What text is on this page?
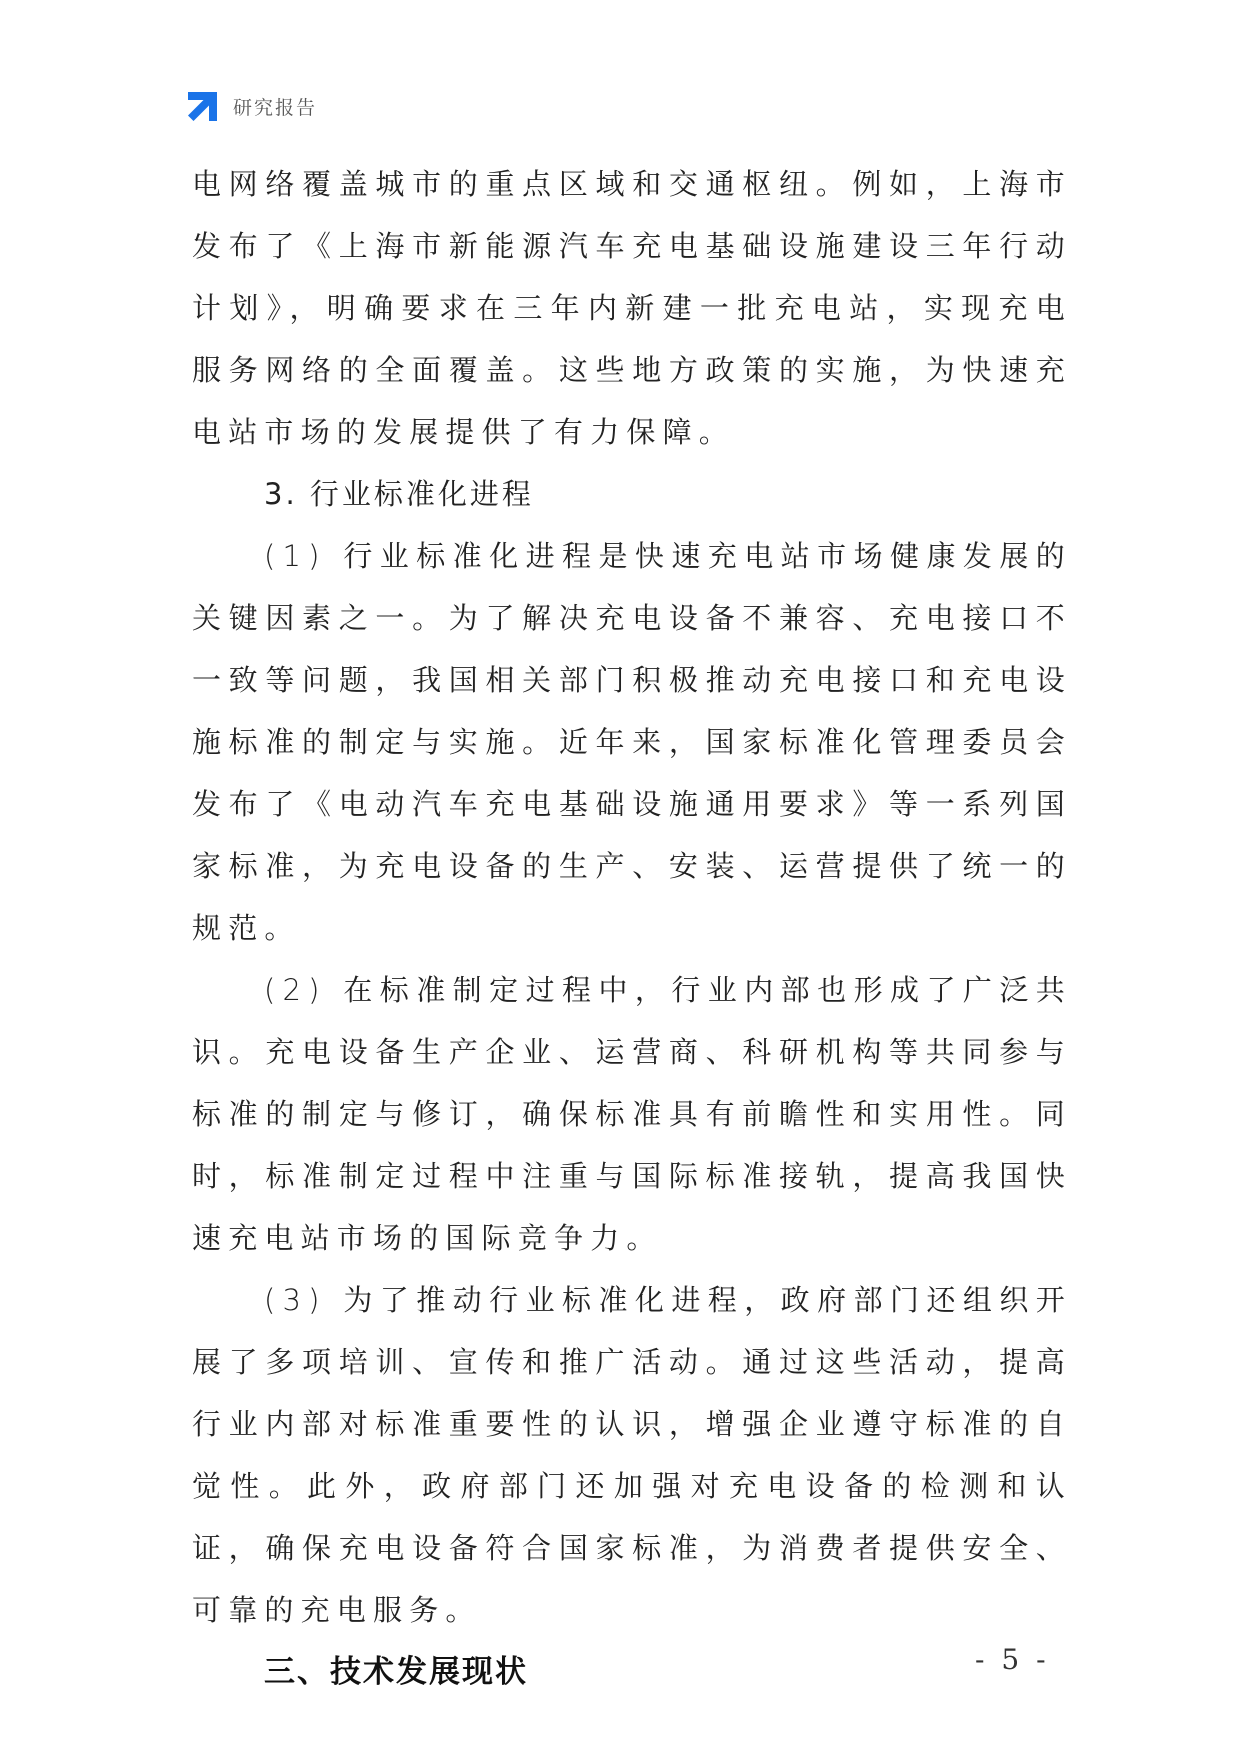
研究报告

电网络覆盖城市的重点区域和交通枢纽。例如，上海市发布了《上海市新能源汽车充电基础设施建设三年行动计划》，明确要求在三年内新建一批充电站，实现充电服务网络的全面覆盖。这些地方政策的实施，为快速充电站市场的发展提供了有力保障。

3. 行业标准化进程

(1) 行业标准化进程是快速充电站市场健康发展的关键因素之一。为了解决充电设备不兼容、充电接口不一致等问题，我国相关部门积极推动充电接口和充电设施标准的制定与实施。近年来，国家标准化管理委员会发布了《电动汽车充电基础设施通用要求》等一系列国家标准，为充电设备的生产、安装、运营提供了统一的规范。

(2) 在标准制定过程中，行业内部也形成了广泛共识。充电设备生产企业、运营商、科研机构等共同参与标准的制定与修订，确保标准具有前瞻性和实用性。同时，标准制定过程中注重与国际标准接轨，提高我国快速充电站市场的国际竞争力。

(3) 为了推动行业标准化进程，政府部门还组织开展了多项培训、宣传和推广活动。通过这些活动，提高行业内部对标准重要性的认识，增强企业遵守标准的自觉性。此外，政府部门还加强对充电设备的检测和认证，确保充电设备符合国家标准，为消费者提供安全、可靠的充电服务。

三、技术发展现状	- 5 -
